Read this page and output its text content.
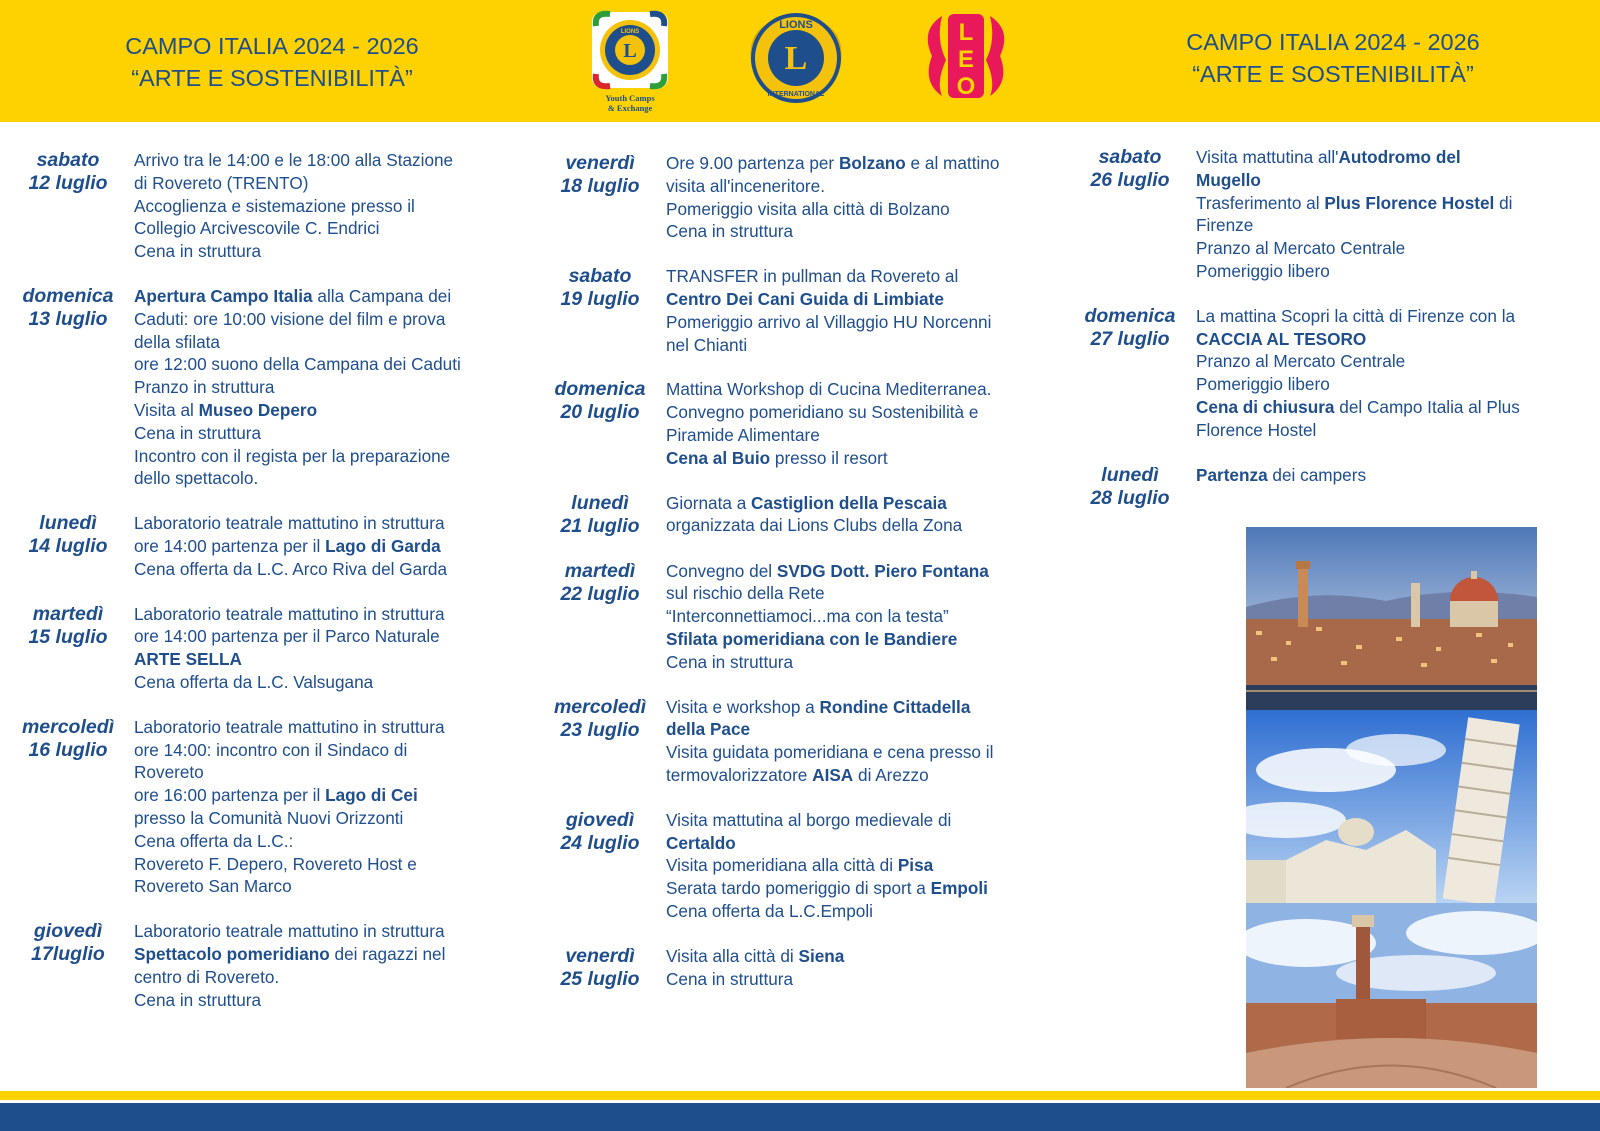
CAMPO ITALIA 2024 - 2026
“ARTE E SOSTENIBILITÀ”
L
LIONS
Youth Camps
& Exchange
LIONS
L
INTERNATIONAL
L
E
O
CAMPO ITALIA 2024 - 2026
“ARTE E SOSTENIBILITÀ”
sabato
12 luglio
Arrivo tra le 14:00 e le 18:00 alla Stazione
di Rovereto (TRENTO)
Accoglienza e sistemazione presso il
Collegio Arcivescovile C. Endrici
Cena in struttura
domenica
13 luglio
Apertura Campo Italia alla Campana dei
Caduti: ore 10:00 visione del film e prova
della sfilata
ore 12:00 suono della Campana dei Caduti
Pranzo in struttura
Visita al Museo Depero
Cena in struttura
Incontro con il regista per la preparazione
dello spettacolo.
lunedì
14 luglio
Laboratorio teatrale mattutino in struttura
ore 14:00 partenza per il Lago di Garda
Cena offerta da L.C. Arco Riva del Garda
martedì
15 luglio
Laboratorio teatrale mattutino in struttura
ore 14:00 partenza per il Parco Naturale
ARTE SELLA
Cena offerta da L.C. Valsugana
mercoledì
16 luglio
Laboratorio teatrale mattutino in struttura
ore 14:00: incontro con il Sindaco di
Rovereto
ore 16:00 partenza per il Lago di Cei
presso la Comunità Nuovi Orizzonti
Cena offerta da L.C.:
Rovereto F. Depero, Rovereto Host e
Rovereto San Marco
giovedì
17luglio
Laboratorio teatrale mattutino in struttura
Spettacolo pomeridiano dei ragazzi nel
centro di Rovereto.
Cena in struttura
venerdì
18 luglio
Ore 9.00 partenza per Bolzano e al mattino
visita all'inceneritore.
Pomeriggio visita alla città di Bolzano
Cena in struttura
sabato
19 luglio
TRANSFER in pullman da Rovereto al
Centro Dei Cani Guida di Limbiate
Pomeriggio arrivo al Villaggio HU Norcenni
nel Chianti
domenica
20 luglio
Mattina Workshop di Cucina Mediterranea.
Convegno pomeridiano su Sostenibilità e
Piramide Alimentare
Cena al Buio presso il resort
lunedì
21 luglio
Giornata a Castiglion della Pescaia
organizzata dai Lions Clubs della Zona
martedì
22 luglio
Convegno del SVDG Dott. Piero Fontana
sul rischio della Rete
“Interconnettiamoci...ma con la testa”
Sfilata pomeridiana con le Bandiere
Cena in struttura
mercoledì
23 luglio
Visita e workshop a Rondine Cittadella
della Pace
Visita guidata pomeridiana e cena presso il
termovalorizzatore AISA di Arezzo
giovedì
24 luglio
Visita mattutina al borgo medievale di
Certaldo
Visita pomeridiana alla città di Pisa
Serata tardo pomeriggio di sport a Empoli
Cena offerta da L.C.Empoli
venerdì
25 luglio
Visita alla città di Siena
Cena in struttura
sabato
26 luglio
Visita mattutina all'Autodromo del
Mugello
Trasferimento al Plus Florence Hostel di
Firenze
Pranzo al Mercato Centrale
Pomeriggio libero
domenica
27 luglio
La mattina Scopri la città di Firenze con la
CACCIA AL TESORO
Pranzo al Mercato Centrale
Pomeriggio libero
Cena di chiusura del Campo Italia al Plus
Florence Hostel
lunedì
28 luglio
Partenza dei campers
